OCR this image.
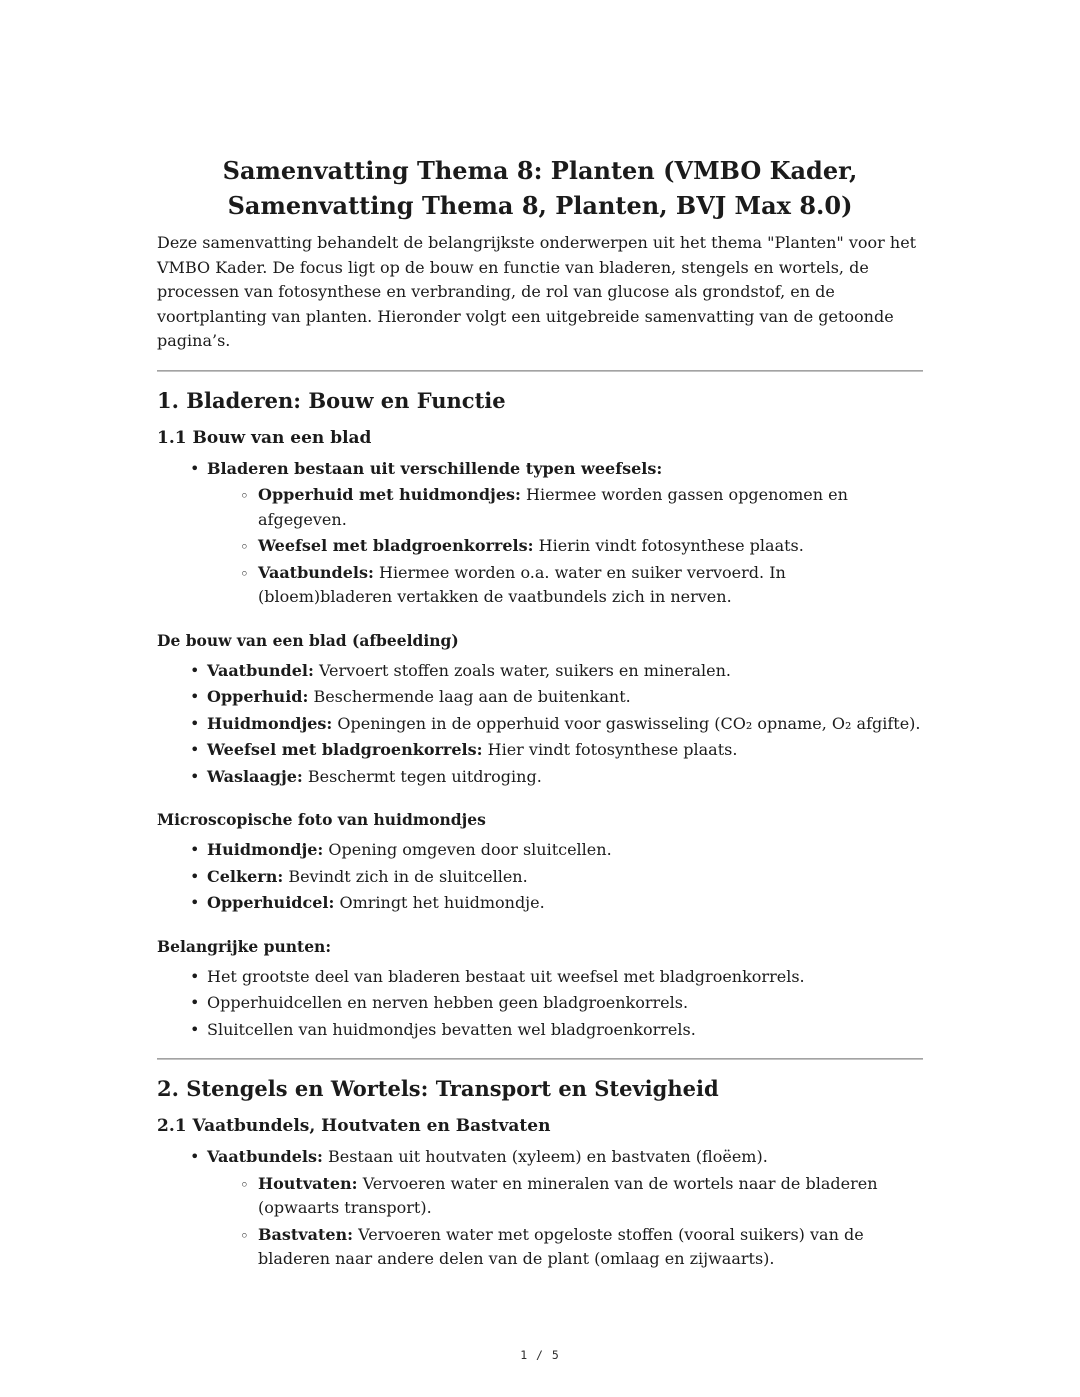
Samenvatting Thema 8: Planten (VMBO Kader, Samenvatting Thema 8, Planten, BVJ Max 8.0)

Deze samenvatting behandelt de belangrijkste onderwerpen uit het thema "Planten" voor het VMBO Kader. De focus ligt op de bouw en functie van bladeren, stengels en wortels, de processen van fotosynthese en verbranding, de rol van glucose als grondstof, en de voortplanting van planten. Hieronder volgt een uitgebreide samenvatting van de getoonde pagina’s.

1. Bladeren: Bouw en Functie
1.1 Bouw van een blad
• Bladeren bestaan uit verschillende typen weefsels:
◦ Opperhuid met huidmondjes: Hiermee worden gassen opgenomen en afgegeven.
◦ Weefsel met bladgroenkorrels: Hierin vindt fotosynthese plaats.
◦ Vaatbundels: Hiermee worden o.a. water en suiker vervoerd. In (bloem)bladeren vertakken de vaatbundels zich in nerven.

De bouw van een blad (afbeelding)

• Vaatbundel: Vervoert stoffen zoals water, suikers en mineralen.
• Opperhuid: Beschermende laag aan de buitenkant.
• Huidmondjes: Openingen in de opperhuid voor gaswisseling (CO₂ opname, O₂ afgifte).
• Weefsel met bladgroenkorrels: Hier vindt fotosynthese plaats.
• Waslaagje: Beschermt tegen uitdroging.

Microscopische foto van huidmondjes

• Huidmondje: Opening omgeven door sluitcellen.
• Celkern: Bevindt zich in de sluitcellen.
• Opperhuidcel: Omringt het huidmondje.

Belangrijke punten:

• Het grootste deel van bladeren bestaat uit weefsel met bladgroenkorrels.
• Opperhuidcellen en nerven hebben geen bladgroenkorrels.
• Sluitcellen van huidmondjes bevatten wel bladgroenkorrels.
2. Stengels en Wortels: Transport en Stevigheid
2.1 Vaatbundels, Houtvaten en Bastvaten
• Vaatbundels: Bestaan uit houtvaten (xyleem) en bastvaten (floëem).
◦ Houtvaten: Vervoeren water en mineralen van de wortels naar de bladeren (opwaarts transport).
◦ Bastvaten: Vervoeren water met opgeloste stoffen (vooral suikers) van de bladeren naar andere delen van de plant (omlaag en zijwaarts).
1 / 5
